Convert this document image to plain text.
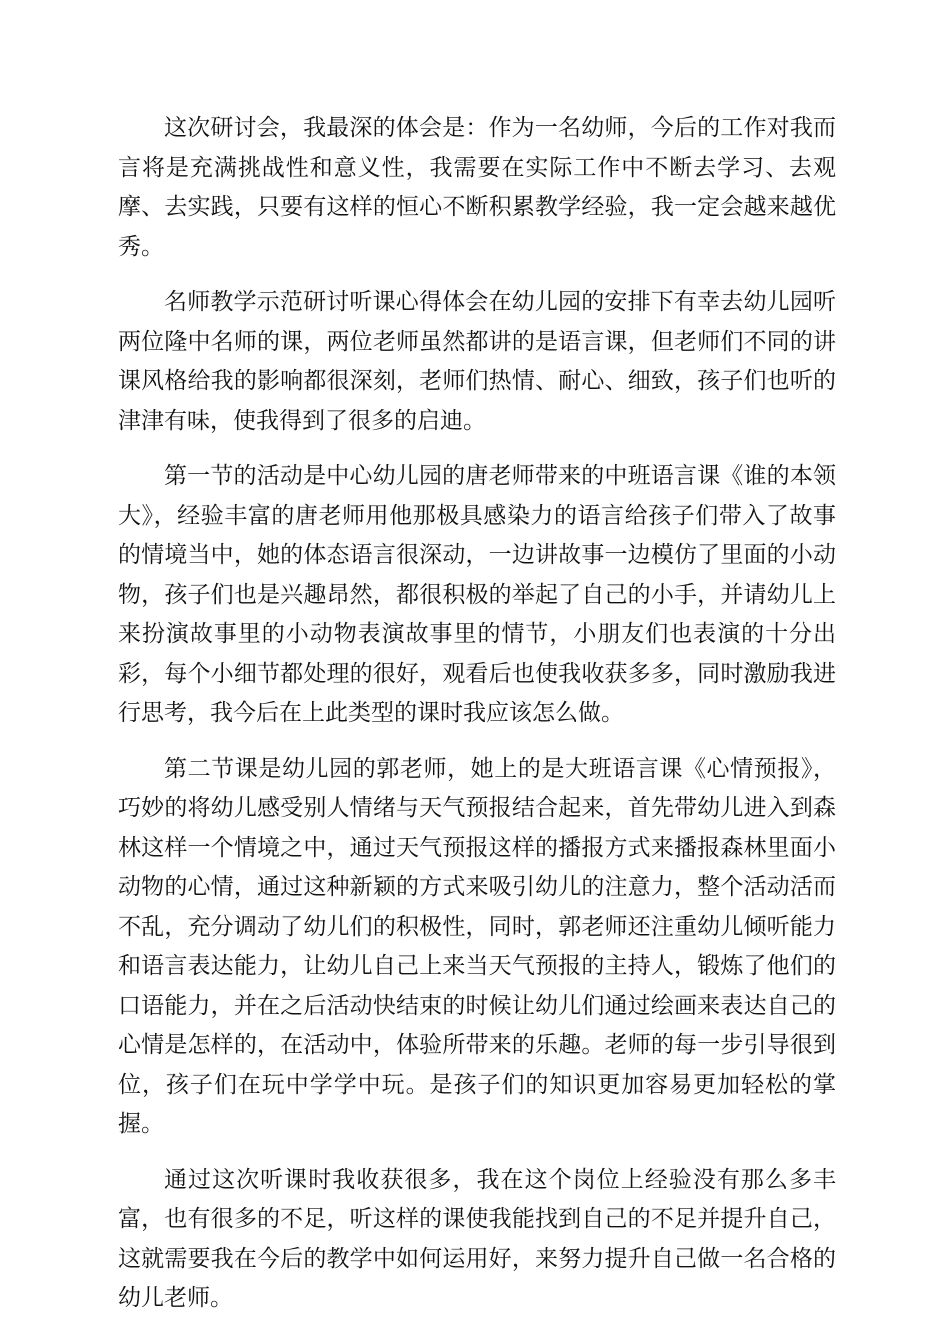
这次研讨会，我最深的体会是：作为一名幼师，今后的工作对我而言将是充满挑战性和意义性，我需要在实际工作中不断去学习、去观摩、去实践，只要有这样的恒心不断积累教学经验，我一定会越来越优秀。

名师教学示范研讨听课心得体会在幼儿园的安排下有幸去幼儿园听两位隆中名师的课，两位老师虽然都讲的是语言课，但老师们不同的讲课风格给我的影响都很深刻，老师们热情、耐心、细致，孩子们也听的津津有味，使我得到了很多的启迪。

第一节的活动是中心幼儿园的唐老师带来的中班语言课《谁的本领大》，经验丰富的唐老师用他那极具感染力的语言给孩子们带入了故事的情境当中，她的体态语言很深动，一边讲故事一边模仿了里面的小动物，孩子们也是兴趣昂然，都很积极的举起了自己的小手，并请幼儿上来扮演故事里的小动物表演故事里的情节，小朋友们也表演的十分出彩，每个小细节都处理的很好，观看后也使我收获多多，同时激励我进行思考，我今后在上此类型的课时我应该怎么做。

第二节课是幼儿园的郭老师，她上的是大班语言课《心情预报》，巧妙的将幼儿感受别人情绪与天气预报结合起来，首先带幼儿进入到森林这样一个情境之中，通过天气预报这样的播报方式来播报森林里面小动物的心情，通过这种新颖的方式来吸引幼儿的注意力，整个活动活而不乱，充分调动了幼儿们的积极性，同时，郭老师还注重幼儿倾听能力和语言表达能力，让幼儿自己上来当天气预报的主持人，锻炼了他们的口语能力，并在之后活动快结束的时候让幼儿们通过绘画来表达自己的心情是怎样的，在活动中，体验所带来的乐趣。老师的每一步引导很到位，孩子们在玩中学学中玩。是孩子们的知识更加容易更加轻松的掌握。

通过这次听课时我收获很多，我在这个岗位上经验没有那么多丰富，也有很多的不足，听这样的课使我能找到自己的不足并提升自己，这就需要我在今后的教学中如何运用好，来努力提升自己做一名合格的幼儿老师。
